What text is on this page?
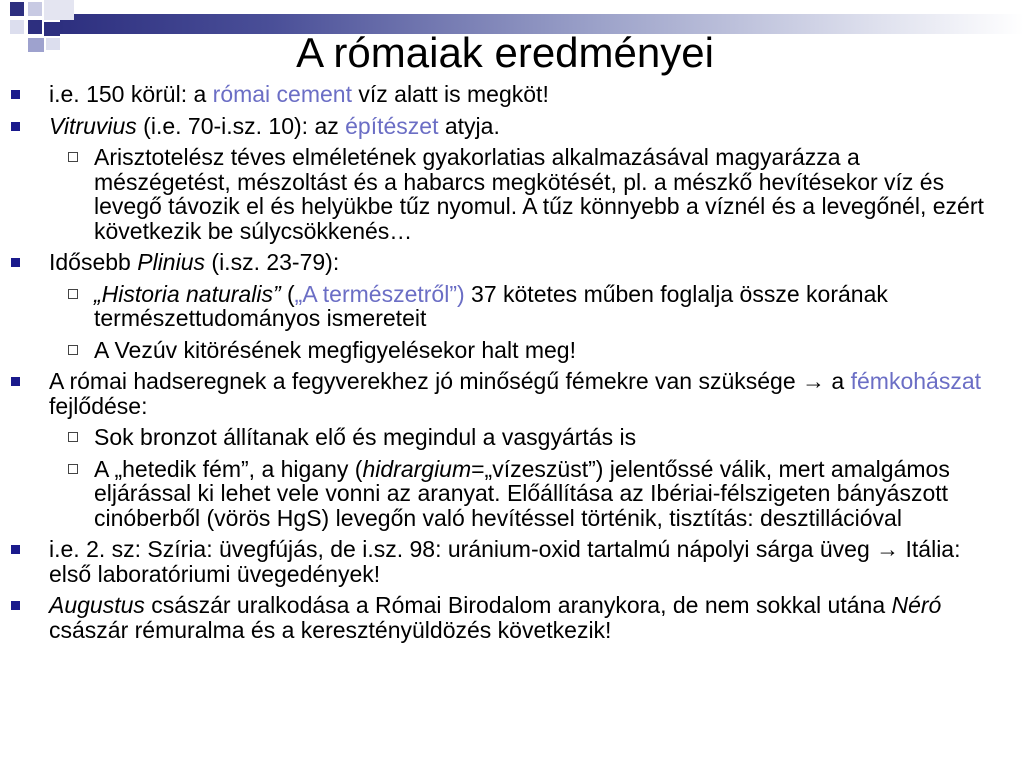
A rómaiak eredményei
i.e. 150 körül: a római cement víz alatt is megköt!
Vitruvius (i.e. 70-i.sz. 10): az építészet atyja.
Arisztotelész téves elméletének gyakorlatias alkalmazásával magyarázza a mészégetést, mészoltást és a habarcs megkötését, pl. a mészkő hevítésekor víz és levegő távozik el és helyükbe tűz nyomul. A tűz könnyebb a víznél és a levegőnél, ezért következik be súlycsökkenés…
Idősebb Plinius (i.sz. 23-79):
„Historia naturalis” („A természetről”) 37 kötetes műben foglalja össze korának természettudományos ismereteit
A Vezúv kitörésének megfigyelésekor halt meg!
A római hadseregnek a fegyverekhez jó minőségű fémekre van szüksége → a fémkohászat fejlődése:
Sok bronzot állítanak elő és megindul a vasgyártás is
A „hetedik fém”, a higany (hidrargium=„vízeszüst”) jelentőssé válik, mert amalgámos eljárással ki lehet vele vonni az aranyat. Előállítása az Ibériai-félszigeten bányászott cinóberből (vörös HgS) levegőn való hevítéssel történik, tisztítás: desztillációval
i.e. 2. sz: Szíria: üvegfújás, de i.sz. 98: uránium-oxid tartalmú nápolyi sárga üveg → Itália: első laboratóriumi üvegedények!
Augustus császár uralkodása a Római Birodalom aranykora, de nem sokkal utána Néró császár rémuralma és a keresztényüldözés következik!
